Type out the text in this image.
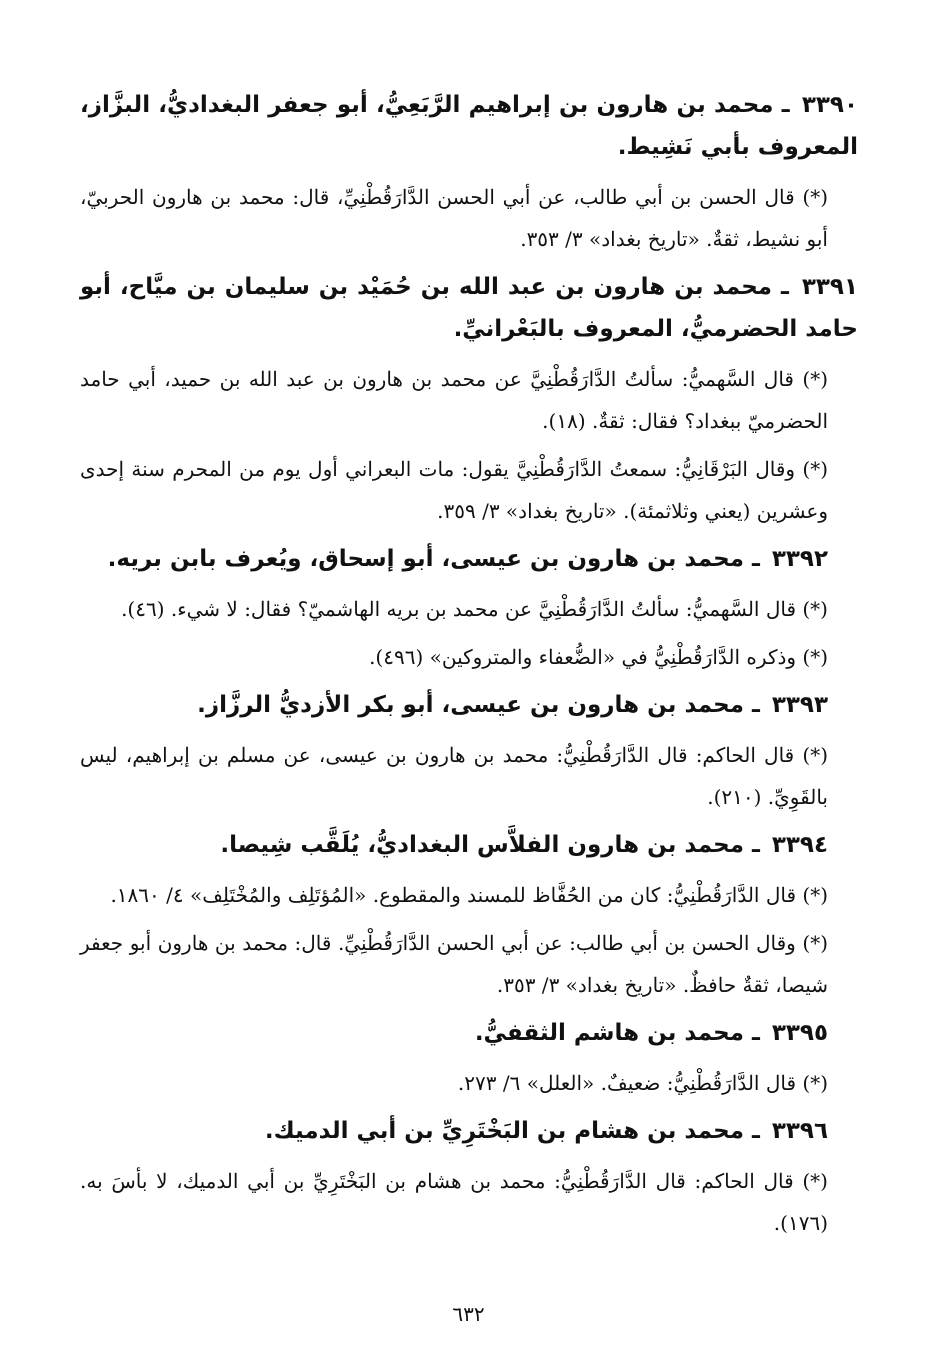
٣٣٩٠ ـ محمد بن هارون بن إبراهيم الرَّبَعِيُّ، أبو جعفر البغداديُّ، البزَّاز، المعروف بأبي نَشِيط.

(*) قال الحسن بن أبي طالب، عن أبي الحسن الدَّارَقُطْنِيِّ، قال: محمد بن هارون الحربيّ، أبو نشيط، ثقةٌ. «تاريخ بغداد» ٣/ ٣٥٣.

٣٣٩١ ـ محمد بن هارون بن عبد الله بن حُمَيْد بن سليمان بن ميَّاح، أبو حامد الحضرميُّ، المعروف بالبَعْرانيِّ.

(*) قال السَّهميُّ: سألتُ الدَّارَقُطْنِيَّ عن محمد بن هارون بن عبد الله بن حميد، أبي حامد الحضرميّ ببغداد؟ فقال: ثقةٌ. (١٨).

(*) وقال البَرْقَانِيُّ: سمعتُ الدَّارَقُطْنِيَّ يقول: مات البعراني أول يوم من المحرم سنة إحدى وعشرين (يعني وثلاثمئة). «تاريخ بغداد» ٣/ ٣٥٩.

٣٣٩٢ ـ محمد بن هارون بن عيسى، أبو إسحاق، ويُعرف بابن بريه.

(*) قال السَّهميُّ: سألتُ الدَّارَقُطْنِيَّ عن محمد بن بريه الهاشميّ؟ فقال: لا شيء. (٤٦).

(*) وذكره الدَّارَقُطْنِيُّ في «الضُّعفاء والمتروكين» (٤٩٦).

٣٣٩٣ ـ محمد بن هارون بن عيسى، أبو بكر الأزديُّ الرزَّاز.

(*) قال الحاكم: قال الدَّارَقُطْنِيُّ: محمد بن هارون بن عيسى، عن مسلم بن إبراهيم، ليس بالقَوِيِّ. (٢١٠).

٣٣٩٤ ـ محمد بن هارون الفلاَّس البغداديُّ، يُلَقَّب شِيصا.

(*) قال الدَّارَقُطْنِيُّ: كان من الحُفَّاظ للمسند والمقطوع. «المُؤتَلِف والمُخْتَلِف» ٤/ ١٨٦٠.

(*) وقال الحسن بن أبي طالب: عن أبي الحسن الدَّارَقُطْنِيِّ. قال: محمد بن هارون أبو جعفر شيصا، ثقةٌ حافظٌ. «تاريخ بغداد» ٣/ ٣٥٣.

٣٣٩٥ ـ محمد بن هاشم الثقفيُّ.

(*) قال الدَّارَقُطْنِيُّ: ضعيفٌ. «العلل» ٦/ ٢٧٣.

٣٣٩٦ ـ محمد بن هشام بن البَخْتَرِيِّ بن أبي الدميك.

(*) قال الحاكم: قال الدَّارَقُطْنِيُّ: محمد بن هشام بن البَخْتَرِيِّ بن أبي الدميك، لا بأسَ به. (١٧٦).

٦٣٢
